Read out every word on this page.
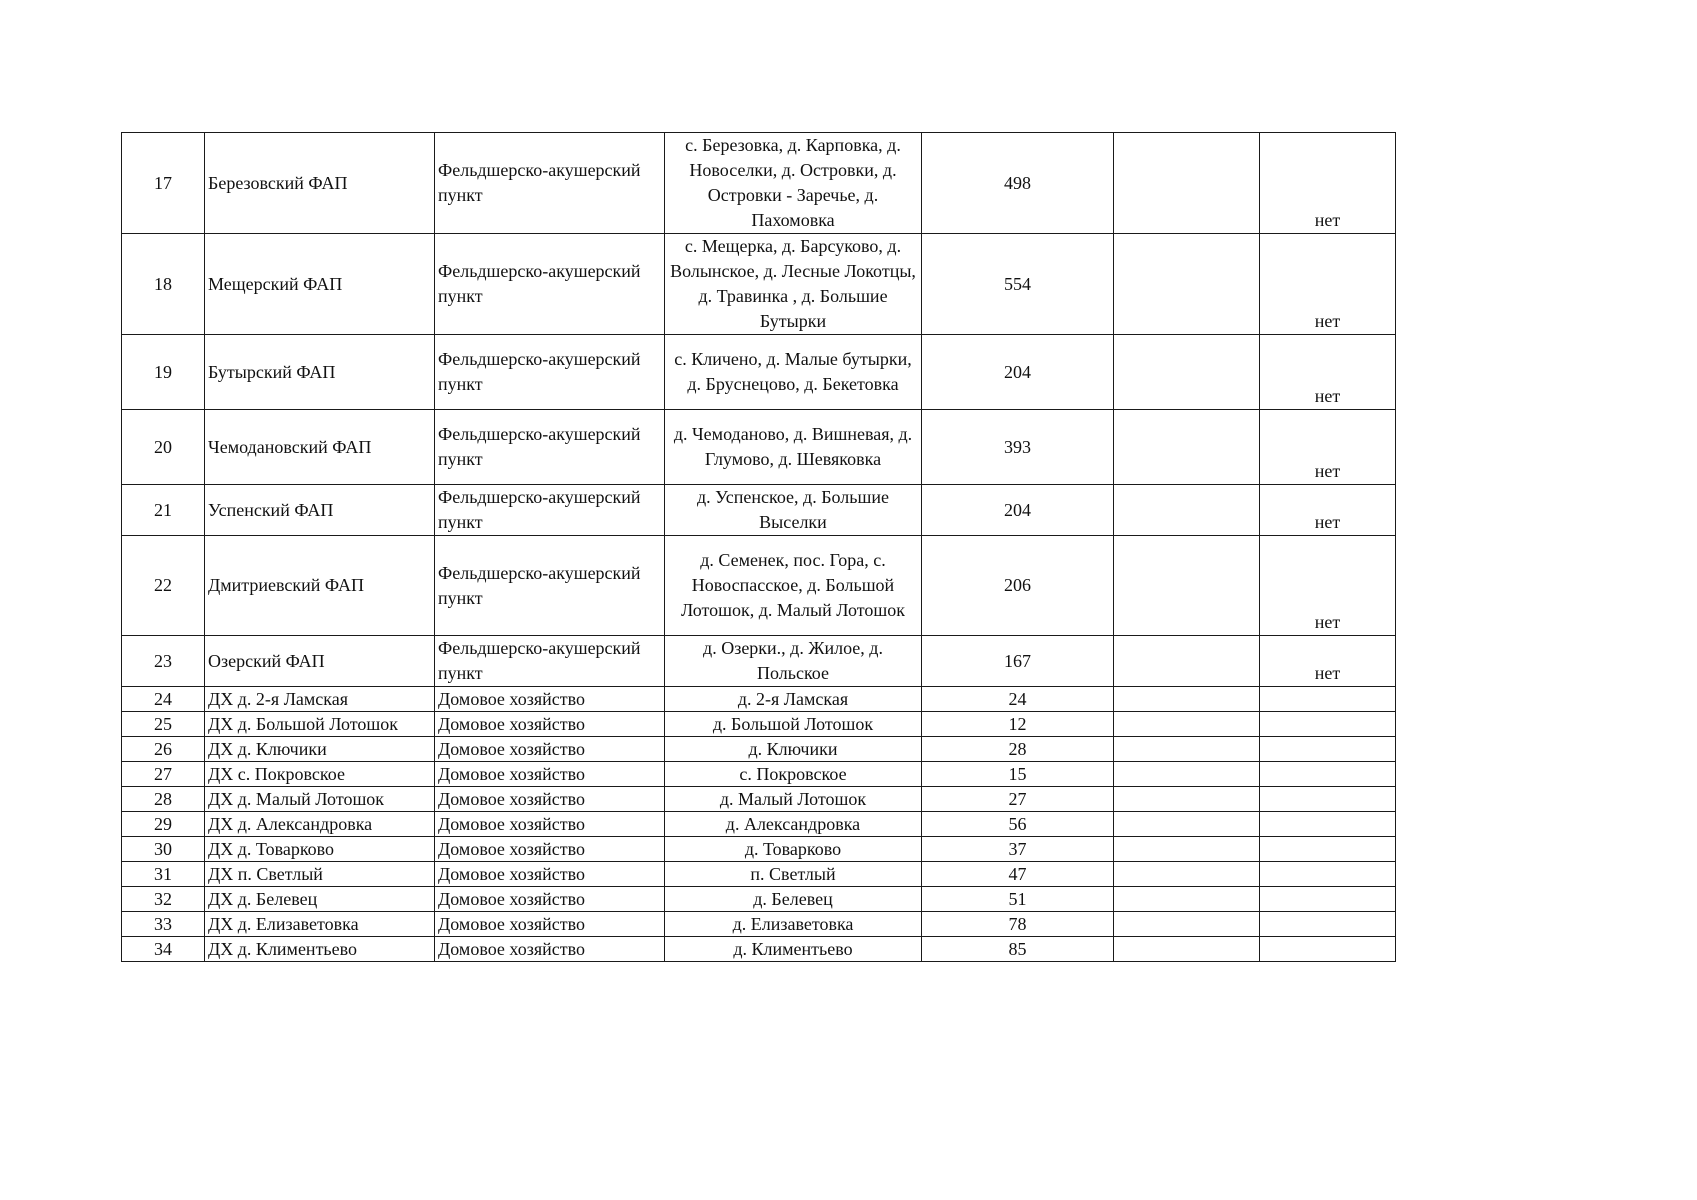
17	Березовский ФАП	Фельдшерско-акушерский пункт	с. Березовка, д. Карповка, д. Новоселки, д. Островки, д. Островки - Заречье, д. Пахомовка	498		нет
18	Мещерский ФАП	Фельдшерско-акушерский пункт	с. Мещерка, д. Барсуково, д. Волынское, д. Лесные Локотцы, д. Травинка , д. Большие Бутырки	554		нет
19	Бутырский ФАП	Фельдшерско-акушерский пункт	с. Кличено, д. Малые бутырки, д. Бруснецово, д. Бекетовка	204		нет
20	Чемодановский ФАП	Фельдшерско-акушерский пункт	д. Чемоданово, д. Вишневая, д. Глумово, д. Шевяковка	393		нет
21	Успенский ФАП	Фельдшерско-акушерский пункт	д. Успенское, д. Большие Выселки	204		нет
22	Дмитриевский ФАП	Фельдшерско-акушерский пункт	д. Семенек, пос. Гора, с. Новоспасское, д. Большой Лотошок, д. Малый Лотошок	206		нет
23	Озерский ФАП	Фельдшерско-акушерский пункт	д. Озерки., д. Жилое, д. Польское	167		нет
24	ДХ д. 2-я Ламская	Домовое хозяйство	д. 2-я Ламская	24		
25	ДХ д. Большой Лотошок	Домовое хозяйство	д. Большой Лотошок	12		
26	ДХ д. Ключики	Домовое хозяйство	д. Ключики	28		
27	ДХ с. Покровское	Домовое хозяйство	с. Покровское	15		
28	ДХ д. Малый Лотошок	Домовое хозяйство	д. Малый Лотошок	27		
29	ДХ д. Александровка	Домовое хозяйство	д. Александровка	56		
30	ДХ д. Товарково	Домовое хозяйство	д. Товарково	37		
31	ДХ п. Светлый	Домовое хозяйство	п. Светлый	47		
32	ДХ д. Белевец	Домовое хозяйство	д. Белевец	51		
33	ДХ д. Елизаветовка	Домовое хозяйство	д. Елизаветовка	78		
34	ДХ д. Климентьево	Домовое хозяйство	д. Климентьево	85		
